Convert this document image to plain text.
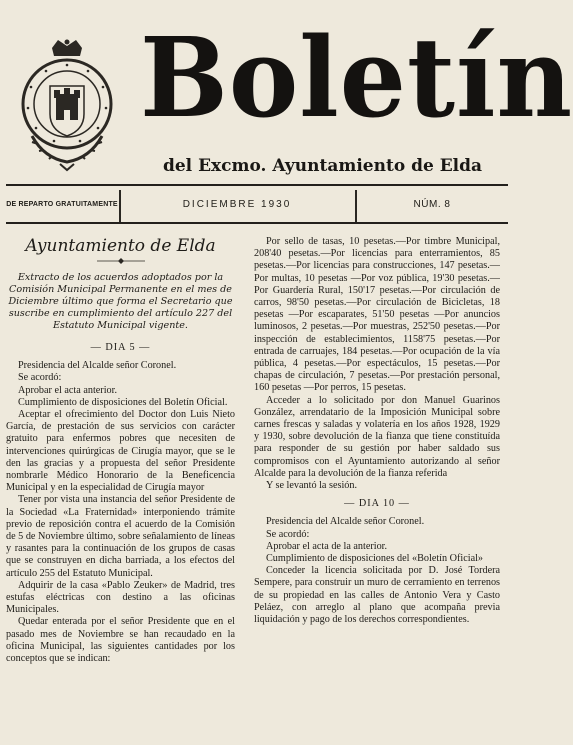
Boletín
del Excmo. Ayuntamiento de Elda
DE REPARTO GRATUITAMENTE	DICIEMBRE 1930	NÚM. 8
Ayuntamiento de Elda
Extracto de los acuerdos adoptados por la Comisión Municipal Permanente en el mes de Diciembre último que forma el Secretario que suscribe en cumplimiento del artículo 227 del Estatuto Municipal vigente.

— DIA 5 —

Presidencia del Alcalde señor Coronel.

Se acordó:

Aprobar el acta anterior.

Cumplimiento de disposiciones del Boletín Oficial.

Aceptar el ofrecimiento del Doctor don Luis Nieto García, de prestación de sus servicios con carácter gratuito para enfermos pobres que necesiten de intervenciones quirúrgicas de Cirugía mayor, que se le den las gracias y a propuesta del señor Presidente nombrarle Médico Honorario de la Beneficencia Municipal y en la especialidad de Cirugía mayor

Tener por vista una instancia del señor Presidente de la Sociedad «La Fraternidad» interponiendo trámite previo de reposición contra el acuerdo de la Comisión de 5 de Noviembre último, sobre señalamiento de líneas y rasantes para la continuación de los grupos de casas que se construyen en dicha barriada, a los efectos del artículo 255 del Estatuto Municipal.

Adquirir de la casa «Pablo Zeuker» de Madrid, tres estufas eléctricas con destino a las oficinas Municipales.

Quedar enterada por el señor Presidente que en el pasado mes de Noviembre se han recaudado en la oficina Municipal, las siguientes cantidades por los conceptos que se indican:

Por sello de tasas, 10 pesetas.—Por timbre Municipal, 208'40 pesetas.—Por licencias para enterramientos, 85 pesetas.—Por licencias para construcciones, 147 pesetas.—Por multas, 10 pesetas —Por voz pública, 19'30 pesetas.—Por Guardería Rural, 150'17 pesetas.—Por circulación de carros, 98'50 pesetas.—Por circulación de Bicicletas, 18 pesetas —Por escaparates, 51'50 pesetas —Por anuncios luminosos, 2 pesetas.—Por muestras, 252'50 pesetas.—Por inspección de establecimientos, 1158'75 pesetas.—Por entrada de carruajes, 184 pesetas.—Por ocupación de la vía pública, 4 pesetas.—Por espectáculos, 15 pesetas.—Por chapas de circulación, 7 pesetas.—Por prestación personal, 160 pesetas —Por perros, 15 pesetas.

Acceder a lo solicitado por don Manuel Guarinos González, arrendatario de la Imposición Municipal sobre carnes frescas y saladas y volatería en los años 1928, 1929 y 1930, sobre devolución de la fianza que tiene constituída para responder de su gestión por haber saldado sus compromisos con el Ayuntamiento autorizando al señor Alcalde para la devolución de la fianza referida

Y se levantó la sesión.

— DIA 10 —

Presidencia del Alcalde señor Coronel.

Se acordó:

Aprobar el acta de la anterior.

Cumplimiento de disposiciones del «Boletín Oficial»

Conceder la licencia solicitada por D. José Tordera Sempere, para construir un muro de cerramiento en terrenos de su propiedad en las calles de Antonio Vera y Casto Peláez, con arreglo al plano que acompaña previa liquidación y pago de los derechos correspondientes.
